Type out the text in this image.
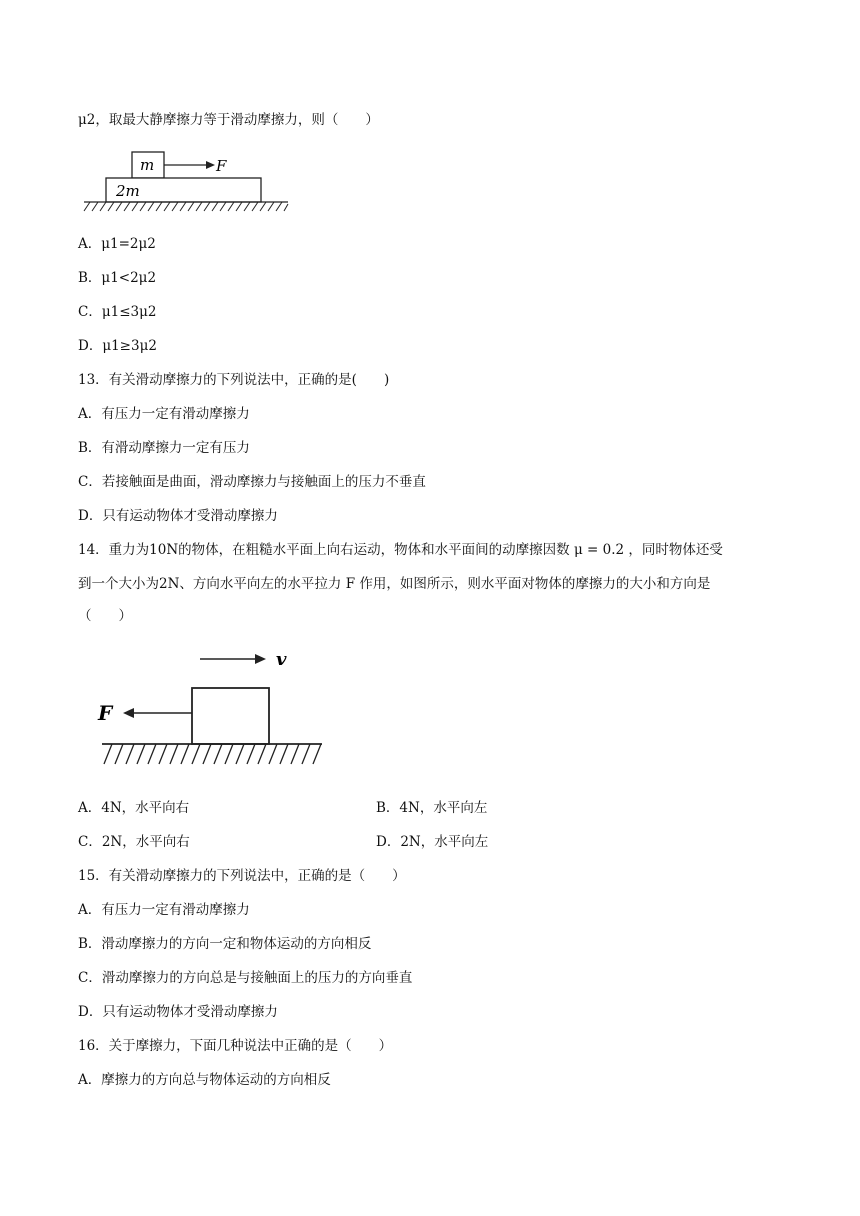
μ2，取最大静摩擦力等于滑动摩擦力，则（　　）
m	F
2m
A．μ1=2μ2
B．μ1<2μ2
C．μ1≤3μ2
D．μ1≥3μ2
13．有关滑动摩擦力的下列说法中，正确的是(　　)
A．有压力一定有滑动摩擦力
B．有滑动摩擦力一定有压力
C．若接触面是曲面，滑动摩擦力与接触面上的压力不垂直
D．只有运动物体才受滑动摩擦力
14．重力为10N的物体，在粗糙水平面上向右运动，物体和水平面间的动摩擦因数 μ = 0.2 ，同时物体还受
到一个大小为2N、方向水平向左的水平拉力 F 作用，如图所示，则水平面对物体的摩擦力的大小和方向是
（　　）
v
F
A．4N，水平向右	B．4N，水平向左
C．2N，水平向右	D．2N，水平向左
15．有关滑动摩擦力的下列说法中，正确的是（　　）
A．有压力一定有滑动摩擦力
B．滑动摩擦力的方向一定和物体运动的方向相反
C．滑动摩擦力的方向总是与接触面上的压力的方向垂直
D．只有运动物体才受滑动摩擦力
16．关于摩擦力，下面几种说法中正确的是（　　）
A．摩擦力的方向总与物体运动的方向相反
